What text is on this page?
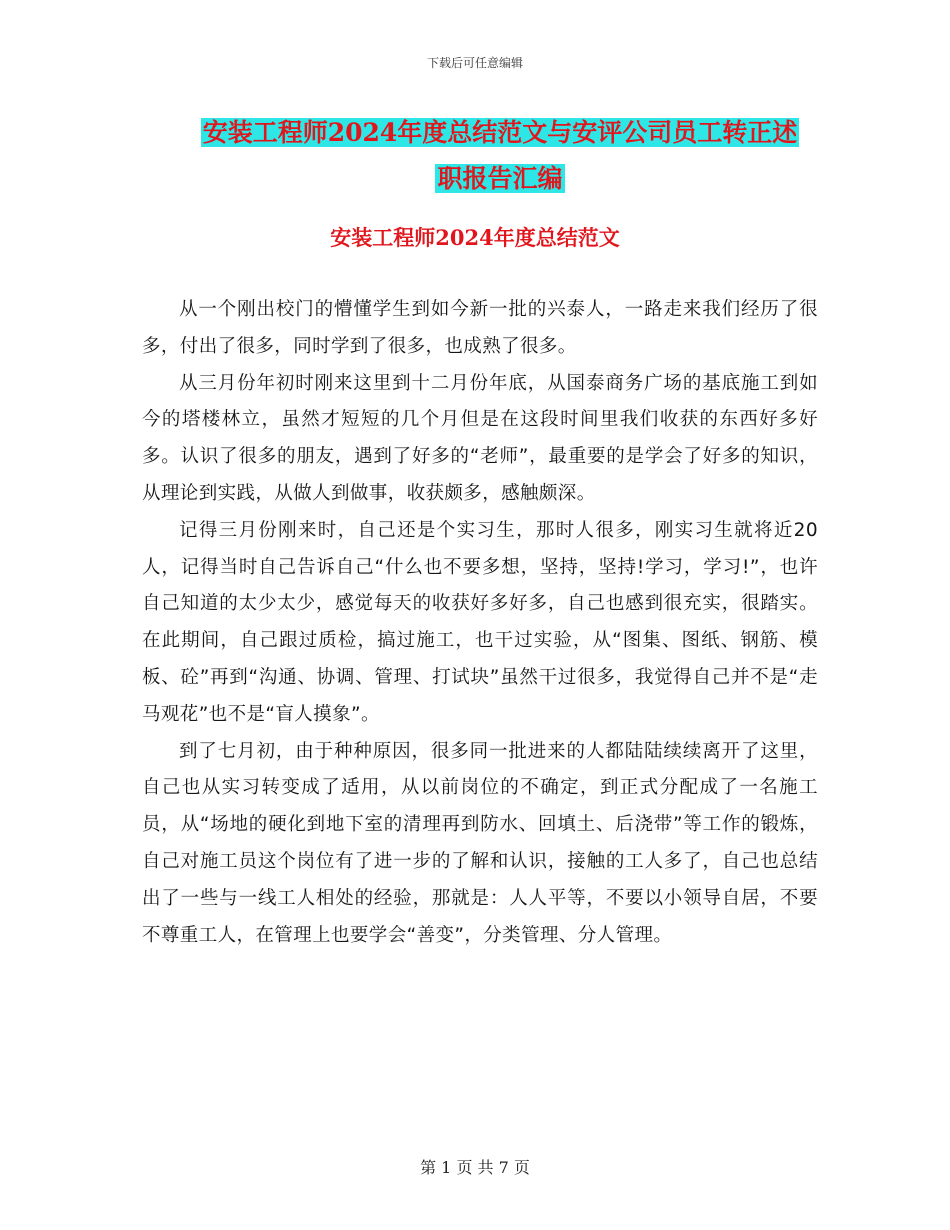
下载后可任意编辑
安装工程师2024年度总结范文与安评公司员工转正述
职报告汇编
安装工程师2024年度总结范文

从一个刚出校门的懵懂学生到如今新一批的兴泰人，一路走来我们经历了很多，付出了很多，同时学到了很多，也成熟了很多。

从三月份年初时刚来这里到十二月份年底，从国泰商务广场的基底施工到如今的塔楼林立，虽然才短短的几个月但是在这段时间里我们收获的东西好多好多。认识了很多的朋友，遇到了好多的“老师”，最重要的是学会了好多的知识，从理论到实践，从做人到做事，收获颇多，感触颇深。

记得三月份刚来时，自己还是个实习生，那时人很多，刚实习生就将近20人，记得当时自己告诉自己“什么也不要多想，坚持，坚持!学习，学习!”，也许自己知道的太少太少，感觉每天的收获好多好多，自己也感到很充实，很踏实。在此期间，自己跟过质检，搞过施工，也干过实验，从“图集、图纸、钢筋、模板、砼”再到“沟通、协调、管理、打试块”虽然干过很多，我觉得自己并不是“走马观花”也不是“盲人摸象”。

到了七月初，由于种种原因，很多同一批进来的人都陆陆续续离开了这里，自己也从实习转变成了适用，从以前岗位的不确定，到正式分配成了一名施工员，从“场地的硬化到地下室的清理再到防水、回填土、后浇带”等工作的锻炼，自己对施工员这个岗位有了进一步的了解和认识，接触的工人多了，自己也总结出了一些与一线工人相处的经验，那就是：人人平等，不要以小领导自居，不要不尊重工人，在管理上也要学会“善变”，分类管理、分人管理。

第 1 页 共 7 页
